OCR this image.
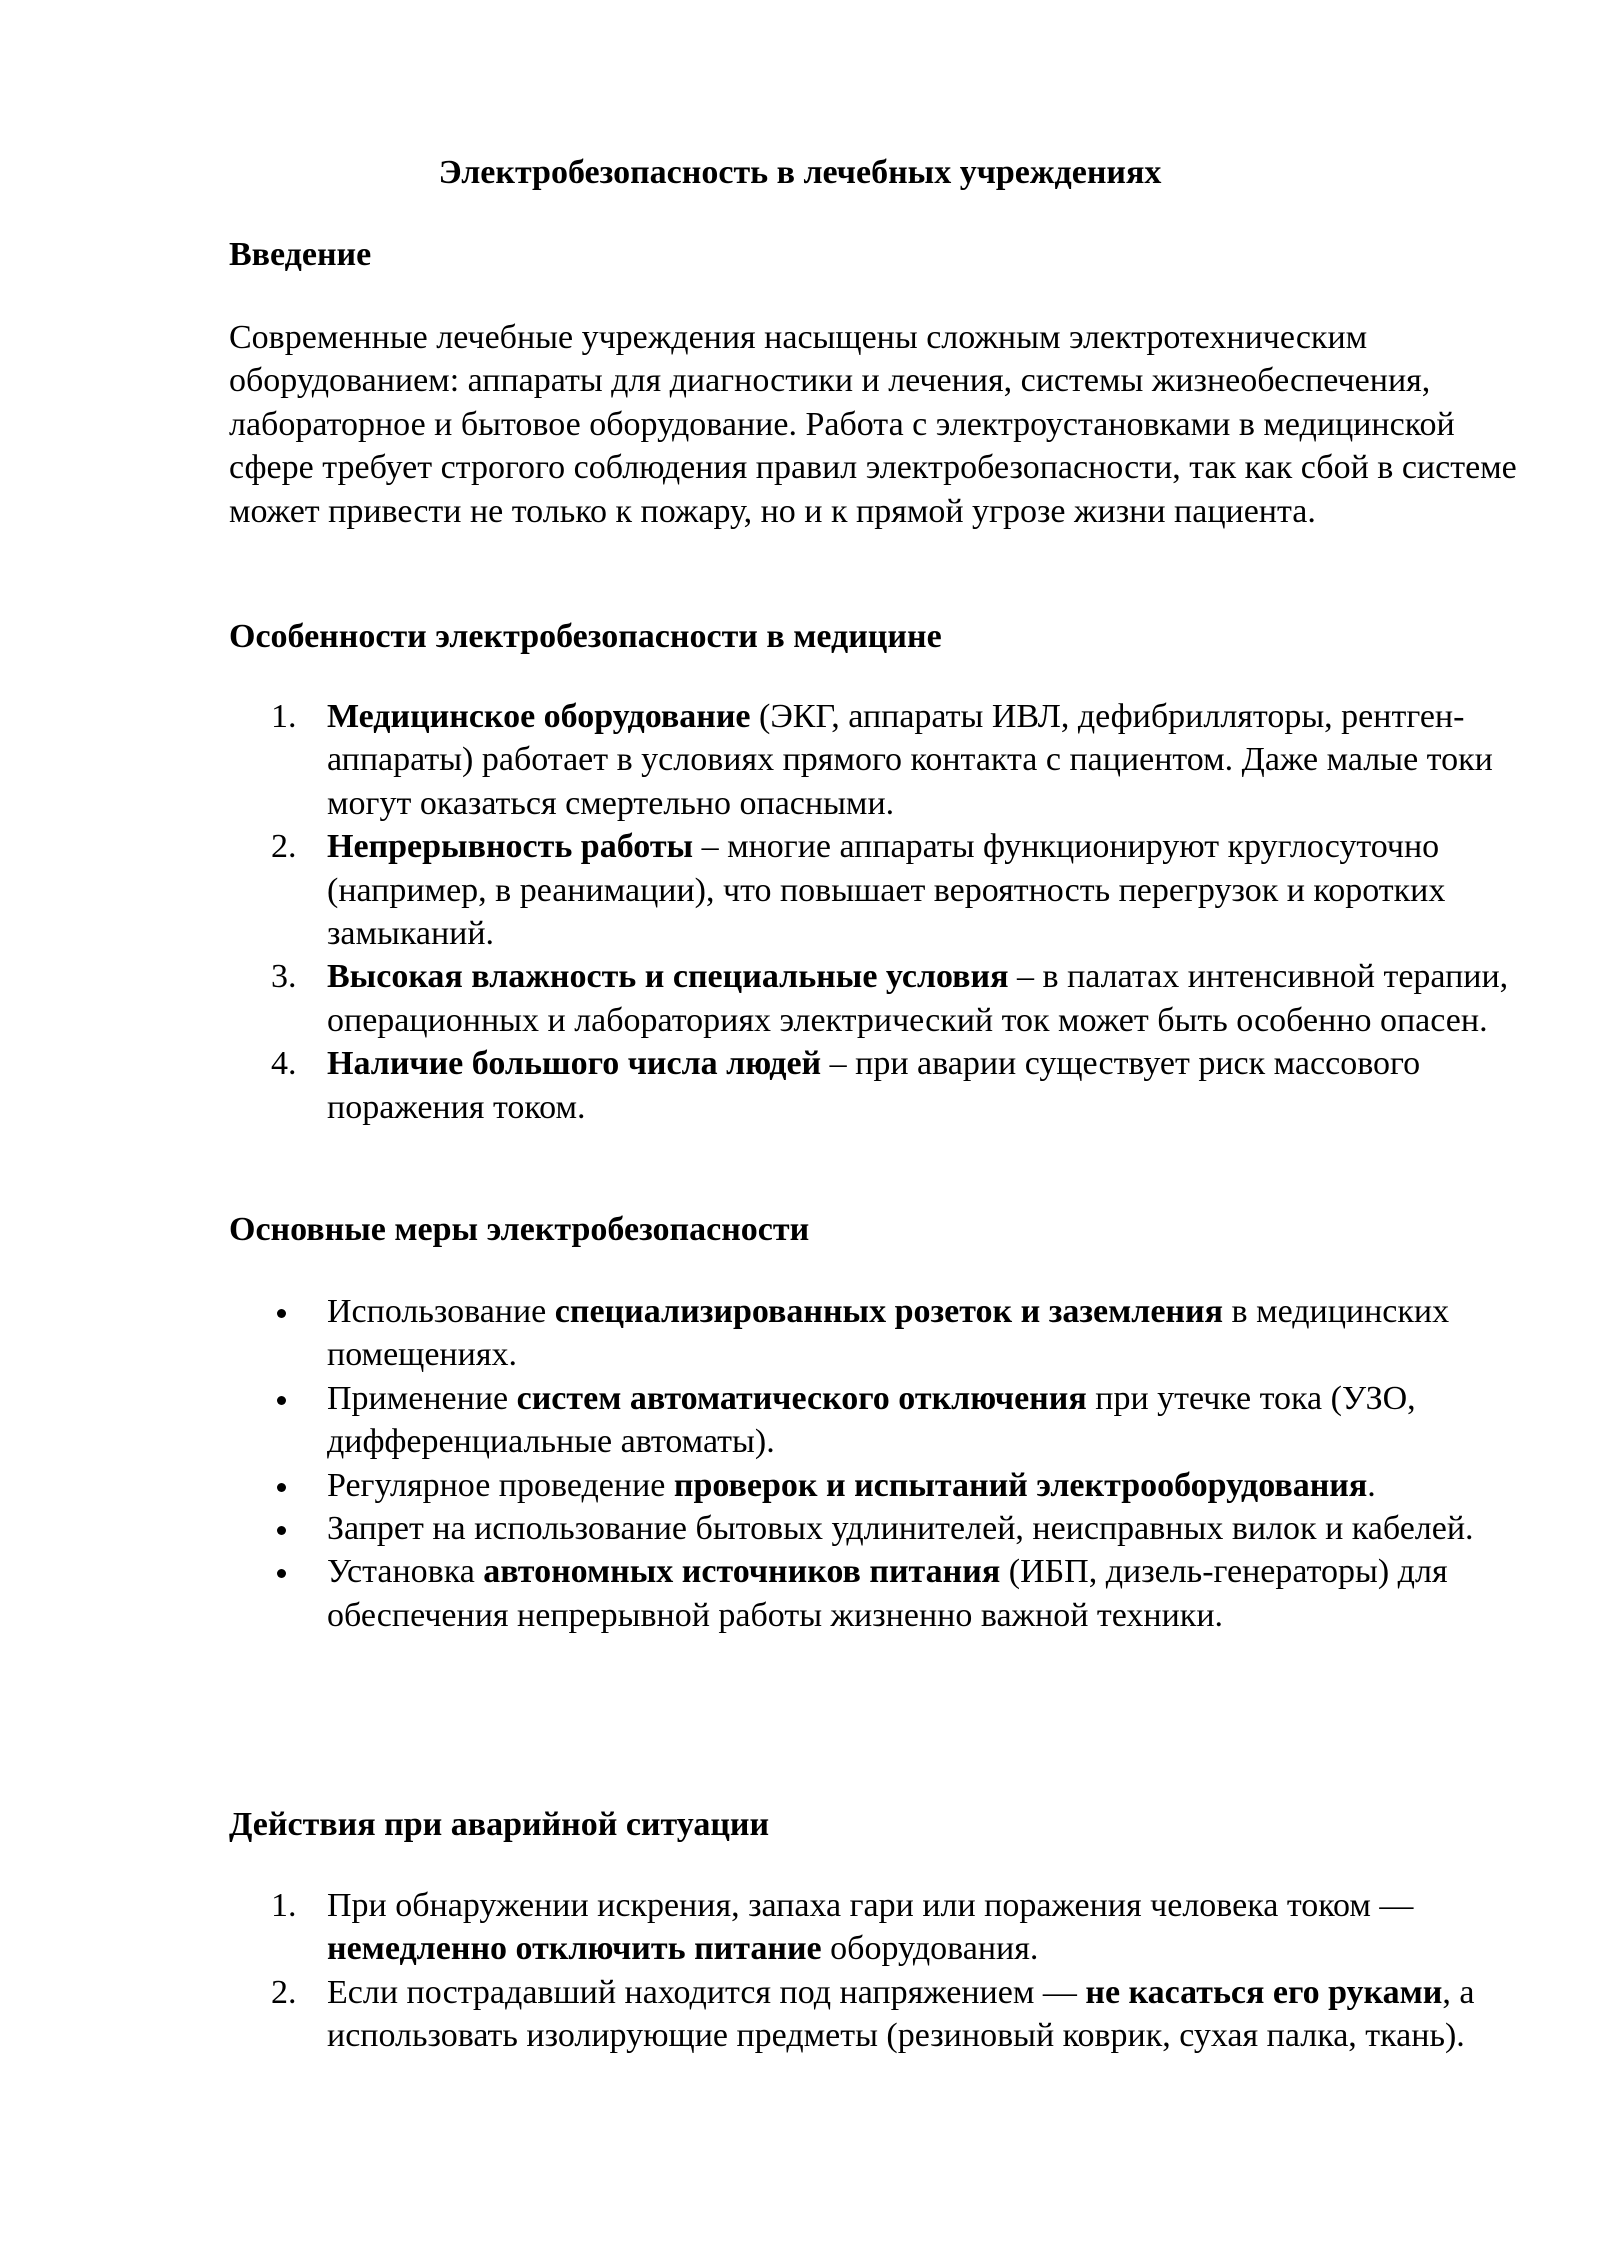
Электробезопасность в лечебных учреждениях
Введение

Современные лечебные учреждения насыщены сложным электротехническим оборудованием: аппараты для диагностики и лечения, системы жизнеобеспечения, лабораторное и бытовое оборудование. Работа с электроустановками в медицинской сфере требует строгого соблюдения правил электробезопасности, так как сбой в системе может привести не только к пожару, но и к прямой угрозе жизни пациента.

Особенности электробезопасности в медицине
1. Медицинское оборудование (ЭКГ, аппараты ИВЛ, дефибрилляторы, рентген-аппараты) работает в условиях прямого контакта с пациентом. Даже малые токи могут оказаться смертельно опасными.
2. Непрерывность работы – многие аппараты функционируют круглосуточно (например, в реанимации), что повышает вероятность перегрузок и коротких замыканий.
3. Высокая влажность и специальные условия – в палатах интенсивной терапии, операционных и лабораториях электрический ток может быть особенно опасен.
4. Наличие большого числа людей – при аварии существует риск массового поражения током.
Основные меры электробезопасности
Использование специализированных розеток и заземления в медицинских помещениях.
Применение систем автоматического отключения при утечке тока (УЗО, дифференциальные автоматы).
Регулярное проведение проверок и испытаний электрооборудования.
Запрет на использование бытовых удлинителей, неисправных вилок и кабелей.
Установка автономных источников питания (ИБП, дизель-генераторы) для обеспечения непрерывной работы жизненно важной техники.
Действия при аварийной ситуации
1. При обнаружении искрения, запаха гари или поражения человека током — немедленно отключить питание оборудования.
2. Если пострадавший находится под напряжением — не касаться его руками, а использовать изолирующие предметы (резиновый коврик, сухая палка, ткань).
